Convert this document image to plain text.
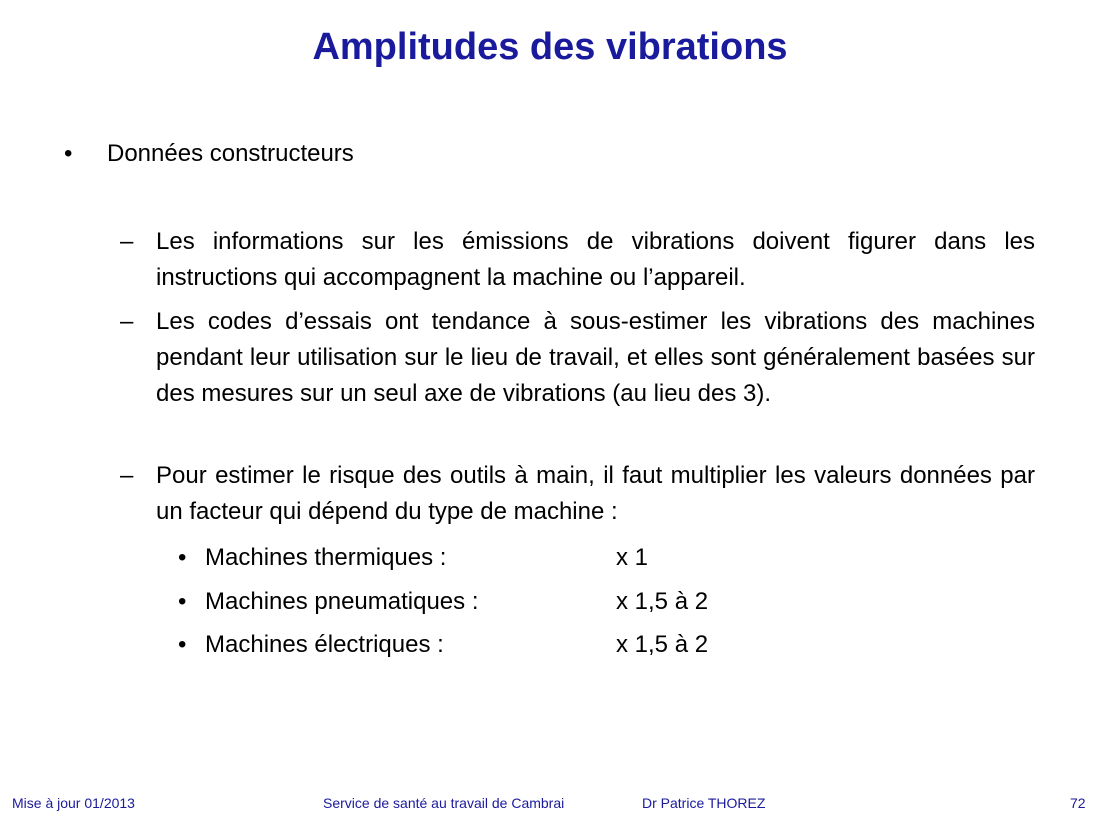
Amplitudes des vibrations
•	Données constructeurs
– Les informations sur les émissions de vibrations doivent figurer dans les instructions qui accompagnent la machine ou l’appareil.
– Les codes d’essais ont tendance à sous-estimer les vibrations des machines pendant leur utilisation sur le lieu de travail, et elles sont généralement basées sur des mesures sur un seul axe de vibrations (au lieu des 3).
– Pour estimer le risque des outils à main, il faut multiplier les valeurs données par un facteur qui dépend du type de machine :
• Machines thermiques :	x 1
• Machines pneumatiques :	x 1,5 à 2
• Machines électriques :	x 1,5 à 2
Mise à jour 01/2013	Service de santé au travail de Cambrai	Dr Patrice THOREZ	72
